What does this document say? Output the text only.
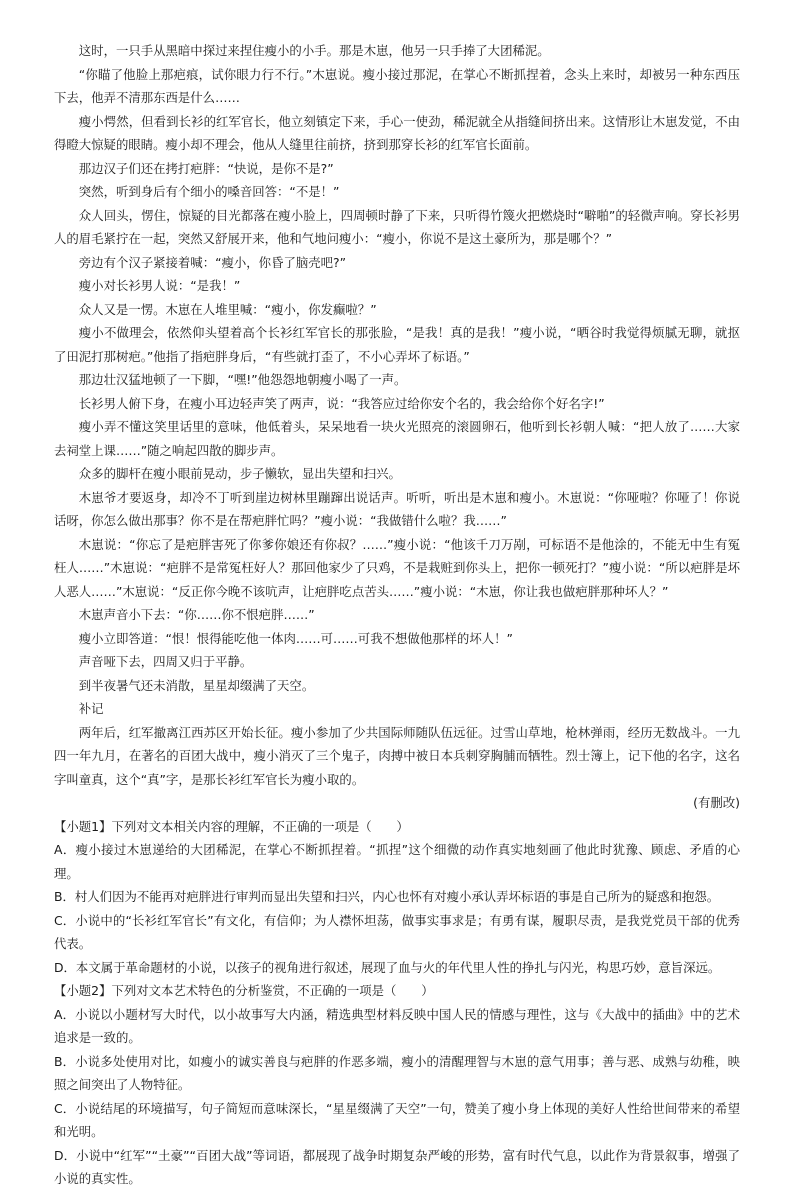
这时，一只手从黑暗中探过来捏住瘦小的小手。那是木崽，他另一只手捧了大团稀泥。

“你瞄了他脸上那疤痕，试你眼力行不行。”木崽说。瘦小接过那泥，在掌心不断抓捏着，念头上来时，却被另一种东西压下去，他弄不清那东西是什么……

瘦小愕然，但看到长衫的红军官长，他立刻镇定下来，手心一使劲，稀泥就全从指缝间挤出来。这情形让木崽发觉，不由得瞪大惊疑的眼睛。瘦小却不理会，他从人缝里往前挤，挤到那穿长衫的红军官长面前。

那边汉子们还在拷打疤胖：“快说，是你不是?”

突然，听到身后有个细小的嗓音回答：“不是！”

众人回头，愣住，惊疑的目光都落在瘦小脸上，四周顿时静了下来，只听得竹篾火把燃烧时“噼啪”的轻微声响。穿长衫男人的眉毛紧拧在一起，突然又舒展开来，他和气地问瘦小：“瘦小，你说不是这土豪所为，那是哪个？”

旁边有个汉子紧接着喊：“瘦小，你昏了脑壳吧?”

瘦小对长衫男人说：“是我！”

众人又是一愣。木崽在人堆里喊：“瘦小，你发癫啦？”

瘦小不做理会，依然仰头望着高个长衫红军官长的那张脸，“是我！真的是我！”瘦小说，“晒谷时我觉得烦腻无聊，就抠了田泥打那树疤。”他指了指疤胖身后，“有些就打歪了，不小心弄坏了标语。”

那边壮汉猛地顿了一下脚，“嘿!”他怨怨地朝瘦小喝了一声。

长衫男人俯下身，在瘦小耳边轻声笑了两声，说：“我答应过给你安个名的，我会给你个好名字!”

瘦小弄不懂这笑里话里的意味，他低着头，呆呆地看一块火光照亮的滚圆卵石，他听到长衫朝人喊：“把人放了……大家去祠堂上课……”随之响起四散的脚步声。

众多的脚杆在瘦小眼前晃动，步子懒软，显出失望和扫兴。

木崽爷才要返身，却冷不丁听到崖边树林里蹦蹿出说话声。听听，听出是木崽和瘦小。木崽说：“你哑啦？你哑了！你说话呀，你怎么做出那事？你不是在帮疤胖忙吗？”瘦小说：“我做错什么啦？我……”

木崽说：“你忘了是疤胖害死了你爹你娘还有你叔？……”瘦小说：“他该千刀万剐，可标语不是他涂的，不能无中生有冤枉人……”木崽说：“疤胖不是常冤枉好人？那回他家少了只鸡，不是栽赃到你头上，把你一顿死打？”瘦小说：“所以疤胖是坏人恶人……”木崽说：“反正你今晚不该吭声，让疤胖吃点苦头……”瘦小说：“木崽，你让我也做疤胖那种坏人？”

木崽声音小下去：“你……你不恨疤胖……”

瘦小立即答道：“恨！恨得能吃他一体肉……可……可我不想做他那样的坏人！”

声音哑下去，四周又归于平静。

到半夜暑气还未消散，星星却缀满了天空。

补记

两年后，红军撤离江西苏区开始长征。瘦小参加了少共国际师随队伍远征。过雪山草地，枪林弹雨，经历无数战斗。一九四一年九月，在著名的百团大战中，瘦小消灭了三个鬼子，肉搏中被日本兵刺穿胸脯而牺牲。烈士簿上，记下他的名字，这名字叫童真，这个“真”字，是那长衫红军官长为瘦小取的。

(有删改)

【小题1】下列对文本相关内容的理解，不正确的一项是（　　）

A．瘦小接过木崽递给的大团稀泥，在掌心不断抓捏着。“抓捏”这个细微的动作真实地刻画了他此时犹豫、顾虑、矛盾的心理。

B．村人们因为不能再对疤胖进行审判而显出失望和扫兴，内心也怀有对瘦小承认弄坏标语的事是自己所为的疑惑和抱怨。

C．小说中的“长衫红军官长”有文化，有信仰；为人襟怀坦荡，做事实事求是；有勇有谋，履职尽责，是我党党员干部的优秀代表。

D．本文属于革命题材的小说，以孩子的视角进行叙述，展现了血与火的年代里人性的挣扎与闪光，构思巧妙，意旨深远。

【小题2】下列对文本艺术特色的分析鉴赏，不正确的一项是（　　）

A．小说以小题材写大时代，以小故事写大内涵，精选典型材料反映中国人民的情感与理性，这与《大战中的插曲》中的艺术追求是一致的。

B．小说多处使用对比，如瘦小的诚实善良与疤胖的作恶多端，瘦小的清醒理智与木崽的意气用事；善与恶、成熟与幼稚，映照之间突出了人物特征。

C．小说结尾的环境描写，句子简短而意味深长，“星星缀满了天空”一句，赞美了瘦小身上体现的美好人性给世间带来的希望和光明。

D．小说中“红军”“土豪”“百团大战”等词语，都展现了战争时期复杂严峻的形势，富有时代气息，以此作为背景叙事，增强了小说的真实性。
